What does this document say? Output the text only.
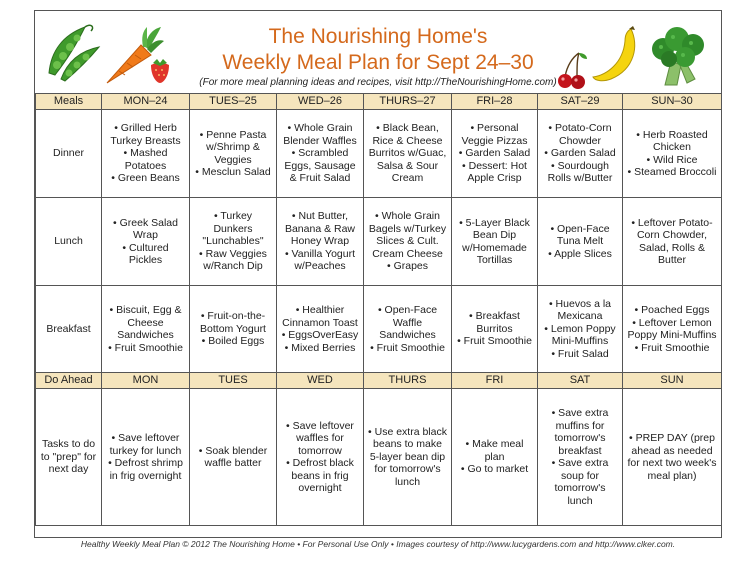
The Nourishing Home's
Weekly Meal Plan for Sept 24–30
(For more meal planning ideas and recipes, visit http://TheNourishingHome.com)
Meals	MON–24	TUES–25	WED–26	THURS–27	FRI–28	SAT–29	SUN–30
Dinner	• Grilled Herb Turkey Breasts
• Mashed Potatoes
• Green Beans	• Penne Pasta w/Shrimp & Veggies
• Mesclun Salad	• Whole Grain Blender Waffles
• Scrambled Eggs, Sausage & Fruit Salad	• Black Bean, Rice & Cheese Burritos w/Guac, Salsa & Sour Cream	• Personal Veggie Pizzas
• Garden Salad
• Dessert: Hot Apple Crisp	• Potato-Corn Chowder
• Garden Salad
• Sourdough Rolls w/Butter	• Herb Roasted Chicken
• Wild Rice
• Steamed Broccoli

Lunch	• Greek Salad Wrap
• Cultured Pickles	• Turkey Dunkers "Lunchables"
• Raw Veggies w/Ranch Dip	• Nut Butter, Banana & Raw Honey Wrap
• Vanilla Yogurt w/Peaches	• Whole Grain Bagels w/Turkey Slices & Cult. Cream Cheese
• Grapes	• 5-Layer Black Bean Dip w/Homemade Tortillas	• Open-Face Tuna Melt
• Apple Slices	• Leftover Potato-Corn Chowder, Salad, Rolls & Butter

Breakfast	• Biscuit, Egg & Cheese Sandwiches
• Fruit Smoothie	• Fruit-on-the-Bottom Yogurt
• Boiled Eggs	• Healthier Cinnamon Toast
• EggsOverEasy
• Mixed Berries	• Open-Face Waffle Sandwiches
• Fruit Smoothie	• Breakfast Burritos
• Fruit Smoothie	• Huevos a la Mexicana
• Lemon Poppy Mini-Muffins
• Fruit Salad	• Poached Eggs
• Leftover Lemon Poppy Mini-Muffins
• Fruit Smoothie

Do Ahead	MON	TUES	WED	THURS	FRI	SAT	SUN
Tasks to do to "prep" for next day	• Save leftover turkey for lunch
• Defrost shrimp in frig overnight	• Soak blender waffle batter	• Save leftover waffles for tomorrow
• Defrost black beans in frig overnight	• Use extra black beans to make 5-layer bean dip for tomorrow's lunch	• Make meal plan
• Go to market	• Save extra muffins for tomorrow's breakfast
• Save extra soup for tomorrow's lunch	• PREP DAY (prep ahead as needed for next two week's meal plan)
Healthy Weekly Meal Plan © 2012 The Nourishing Home • For Personal Use Only • Images courtesy of http://www.lucygardens.com and http://www.clker.com.
